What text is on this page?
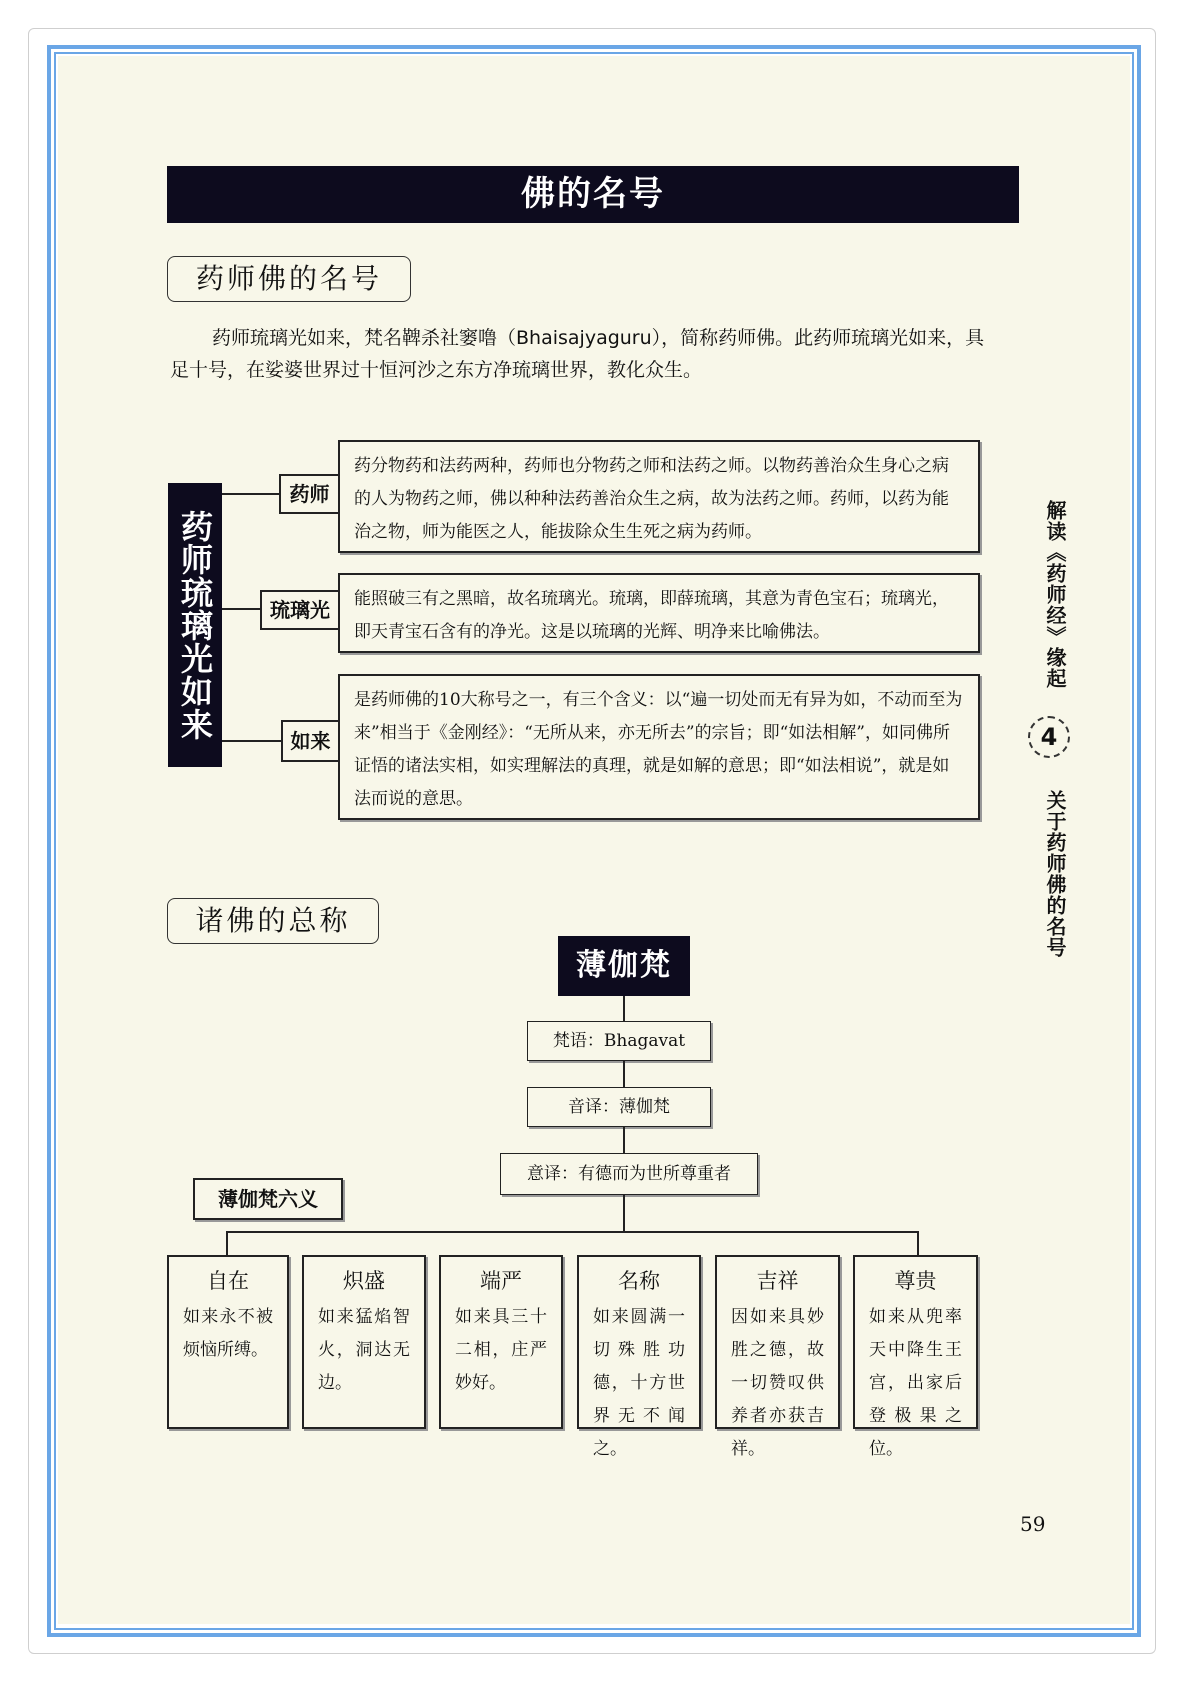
佛的名号
药师佛的名号
药师琉璃光如来，梵名鞞杀社窭噜（Bhaisajyaguru），简称药师佛。此药师琉璃光如来，具足十号，在娑婆世界过十恒河沙之东方净琉璃世界，教化众生。
药师琉璃光如来
药师
药分物药和法药两种，药师也分物药之师和法药之师。以物药善治众生身心之病的人为物药之师，佛以种种法药善治众生之病，故为法药之师。药师，以药为能治之物，师为能医之人，能拔除众生生死之病为药师。
琉璃光	能照破三有之黑暗，故名琉璃光。琉璃，即薛琉璃，其意为青色宝石；琉璃光，即天青宝石含有的净光。这是以琉璃的光辉、明净来比喻佛法。
如来
是药师佛的10大称号之一，有三个含义：以“遍一切处而无有异为如，不动而至为来”相当于《金刚经》：“无所从来，亦无所去”的宗旨；即“如法相解”，如同佛所证悟的诸法实相，如实理解法的真理，就是如解的意思；即“如法相说”，就是如法而说的意思。
解读《药师经》缘起
4
关于药师佛的名号
诸佛的总称
薄伽梵
梵语：Bhagavat
音译：薄伽梵
意译：有德而为世所尊重者
薄伽梵六义
自在
如来永不被烦恼所缚。
炽盛
如来猛焰智火，洞达无边。
端严
如来具三十二相，庄严妙好。
名称
如来圆满一切殊胜功德，十方世界无不闻之。
吉祥
因如来具妙胜之德，故一切赞叹供养者亦获吉祥。
尊贵
如来从兜率天中降生王宫，出家后登极果之位。
59
